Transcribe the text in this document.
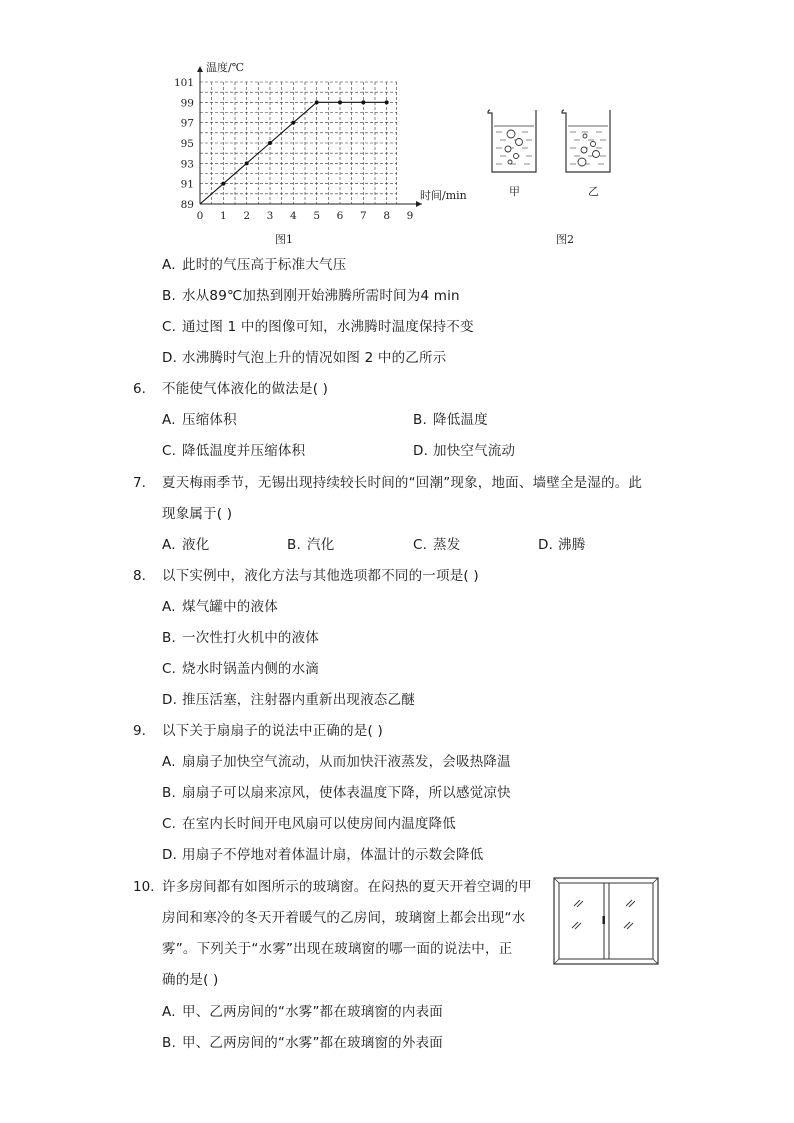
0 1 2 3 4 5 6 7 8 9
89
91
93
95
97
99
101
温度/℃
时间/min
图1
甲	乙
图2
A. 此时的气压高于标准大气压
B. 水从89℃加热到刚开始沸腾所需时间为4 min
C. 通过图 1 中的图像可知，水沸腾时温度保持不变
D. 水沸腾时气泡上升的情况如图 2 中的乙所示
6. 不能使气体液化的做法是( )
A. 压缩体积	B. 降低温度
C. 降低温度并压缩体积	D. 加快空气流动
7. 夏天梅雨季节，无锡出现持续较长时间的“回潮”现象，地面、墙壁全是湿的。此
现象属于( )
A. 液化	B. 汽化	C. 蒸发	D. 沸腾
8. 以下实例中，液化方法与其他选项都不同的一项是( )
A. 煤气罐中的液体
B. 一次性打火机中的液体
C. 烧水时锅盖内侧的水滴
D. 推压活塞，注射器内重新出现液态乙醚
9. 以下关于扇扇子的说法中正确的是( )
A. 扇扇子加快空气流动，从而加快汗液蒸发，会吸热降温
B. 扇扇子可以扇来凉风，使体表温度下降，所以感觉凉快
C. 在室内长时间开电风扇可以使房间内温度降低
D. 用扇子不停地对着体温计扇，体温计的示数会降低
10. 许多房间都有如图所示的玻璃窗。在闷热的夏天开着空调的甲
房间和寒冷的冬天开着暖气的乙房间，玻璃窗上都会出现“水
雾”。下列关于“水雾”出现在玻璃窗的哪一面的说法中，正
确的是( )
A. 甲、乙两房间的“水雾”都在玻璃窗的内表面
B. 甲、乙两房间的“水雾”都在玻璃窗的外表面
